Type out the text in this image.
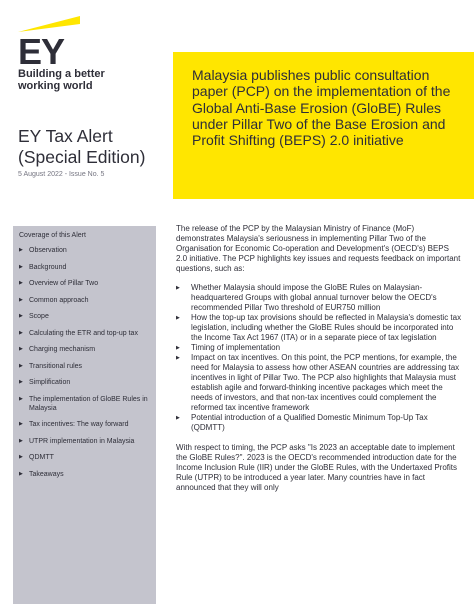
EY
Building a better
working world
EY Tax Alert
(Special Edition)
5 August 2022 - Issue No. 5
Malaysia publishes public consultation paper (PCP) on the implementation of the Global Anti-Base Erosion (GloBE) Rules under Pillar Two of the Base Erosion and Profit Shifting (BEPS) 2.0 initiative
Coverage of this Alert
▶ Observation
▶ Background
▶ Overview of Pillar Two
▶ Common approach
▶ Scope
▶ Calculating the ETR and top-up tax
▶ Charging mechanism
▶ Transitional rules
▶ Simplification
▶ The implementation of GloBE Rules in Malaysia
▶ Tax incentives: The way forward
▶ UTPR implementation in Malaysia
▶ QDMTT
▶ Takeaways
The release of the PCP by the Malaysian Ministry of Finance (MoF) demonstrates Malaysia's seriousness in implementing Pillar Two of the Organisation for Economic Co-operation and Development's (OECD's) BEPS 2.0 initiative. The PCP highlights key issues and requests feedback on important questions, such as:
▶	Whether Malaysia should impose the GloBE Rules on Malaysian-headquartered Groups with global annual turnover below the OECD's recommended Pillar Two threshold of EUR750 million
▶	How the top-up tax provisions should be reflected in Malaysia's domestic tax legislation, including whether the GloBE Rules should be incorporated into the Income Tax Act 1967 (ITA) or in a separate piece of tax legislation
▶	Timing of implementation
▶	Impact on tax incentives. On this point, the PCP mentions, for example, the need for Malaysia to assess how other ASEAN countries are addressing tax incentives in light of Pillar Two. The PCP also highlights that Malaysia must establish agile and forward-thinking incentive packages which meet the needs of investors, and that non-tax incentives could complement the reformed tax incentive framework
▶	Potential introduction of a Qualified Domestic Minimum Top-Up Tax (QDMTT)
With respect to timing, the PCP asks "Is 2023 an acceptable date to implement the GloBE Rules?". 2023 is the OECD's recommended introduction date for the Income Inclusion Rule (IIR) under the GloBE Rules, with the Undertaxed Profits Rule (UTPR) to be introduced a year later. Many countries have in fact announced that they will only
